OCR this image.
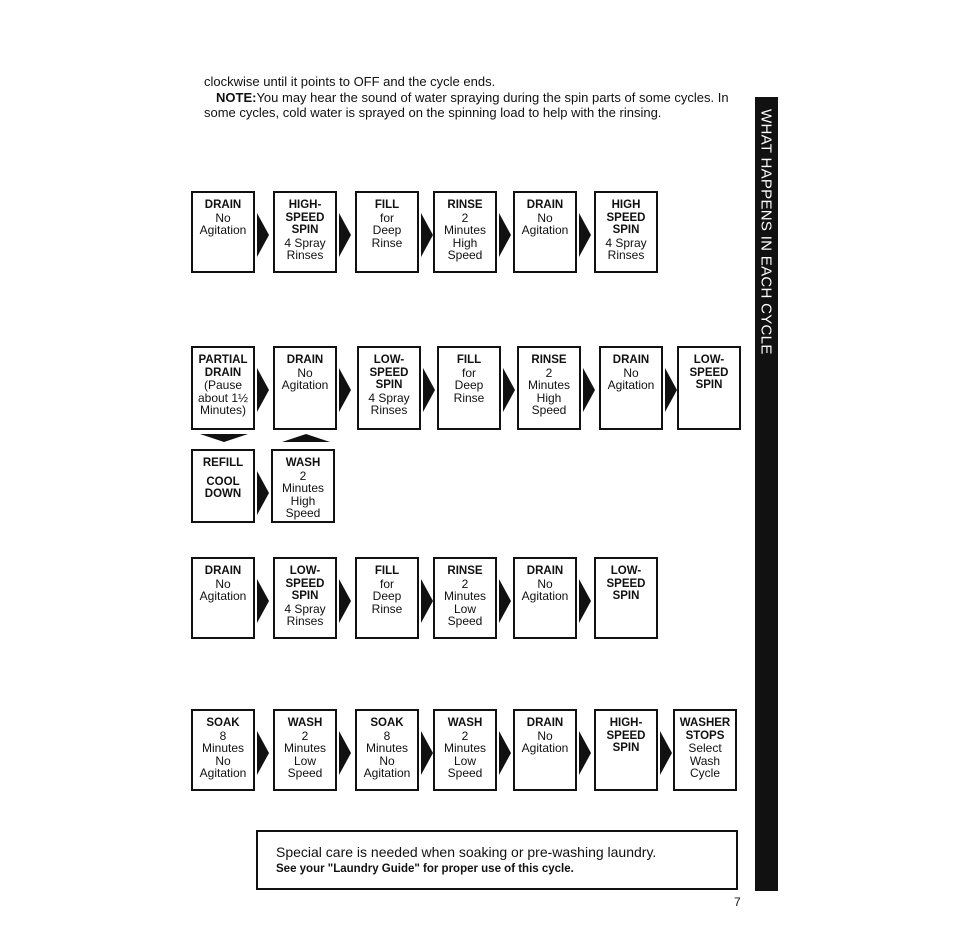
clockwise until it points to OFF and the cycle ends.
NOTE:You may hear the sound of water spraying during the spin parts of some cycles. In some cycles, cold water is sprayed on the spinning load to help with the rinsing.	WHAT HAPPENS IN EACH CYCLE
DRAIN
No
Agitation
HIGH-
SPEED
SPIN
4 Spray
Rinses
FILL
for
Deep
Rinse
RINSE
2
Minutes
High
Speed
DRAIN
No
Agitation
HIGH
SPEED
SPIN
4 Spray
Rinses
PARTIAL
DRAIN
(Pause
about 1½
Minutes)
DRAIN
No
Agitation
LOW-
SPEED
SPIN
4 Spray
Rinses
FILL
for
Deep
Rinse
RINSE
2
Minutes
High
Speed
DRAIN
No
Agitation
LOW-
SPEED
SPIN
REFILL
COOL
DOWN
WASH
2
Minutes
High
Speed
DRAIN
No
Agitation
LOW-
SPEED
SPIN
4 Spray
Rinses
FILL
for
Deep
Rinse
RINSE
2
Minutes
Low
Speed
DRAIN
No
Agitation
LOW-
SPEED
SPIN
SOAK
8
Minutes
No
Agitation
WASH
2
Minutes
Low
Speed
SOAK
8
Minutes
No
Agitation
WASH
2
Minutes
Low
Speed
DRAIN
No
Agitation
HIGH-
SPEED
SPIN
WASHER
STOPS
Select
Wash
Cycle
Special care is needed when soaking or pre-washing laundry.
See your "Laundry Guide" for proper use of this cycle.
7
